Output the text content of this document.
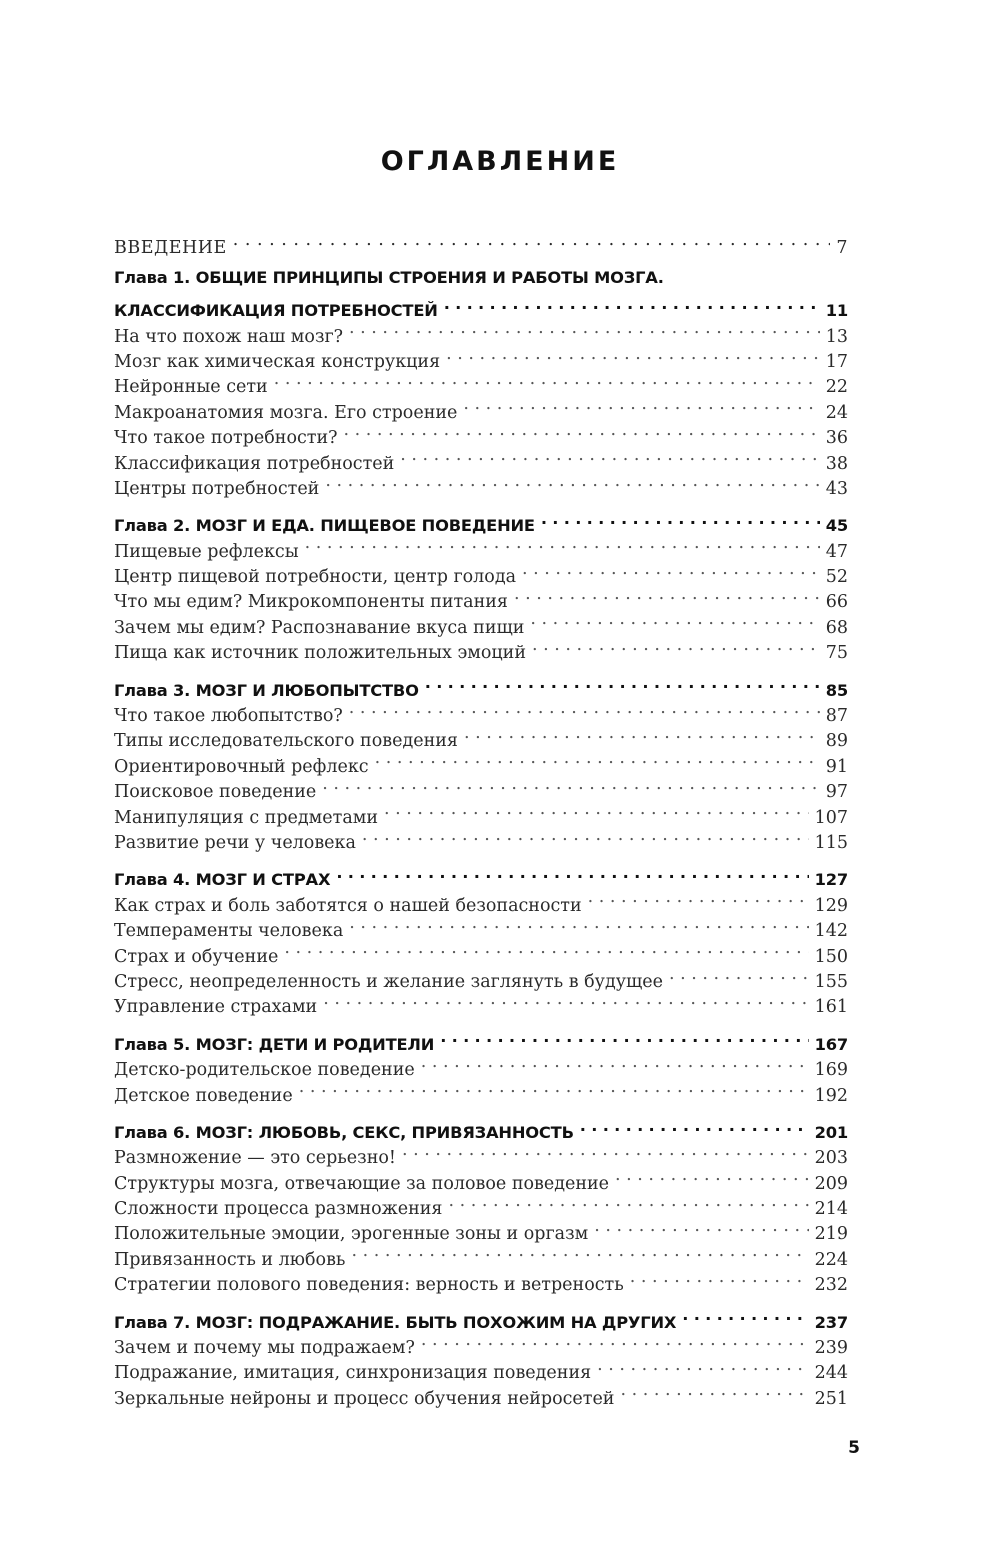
ОГЛАВЛЕНИЕ
ВВЕДЕНИЕ . . .	7
Глава 1. ОБЩИЕ ПРИНЦИПЫ СТРОЕНИЯ И РАБОТЫ МОЗГА.
КЛАССИФИКАЦИЯ ПОТРЕБНОСТЕЙ . . .	11
На что похож наш мозг? . . .	13
Мозг как химическая конструкция . . .	17
Нейронные сети . . .	22
Макроанатомия мозга. Его строение . . .	24
Что такое потребности? . . .	36
Классификация потребностей . . .	38
Центры потребностей . . .	43
Глава 2. МОЗГ И ЕДА. ПИЩЕВОЕ ПОВЕДЕНИЕ . . .	45
Пищевые рефлексы . . .	47
Центр пищевой потребности, центр голода . . .	52
Что мы едим? Микрокомпоненты питания . . .	66
Зачем мы едим? Распознавание вкуса пищи . . .	68
Пища как источник положительных эмоций . . .	75
Глава 3. МОЗГ И ЛЮБОПЫТСТВО . . .	85
Что такое любопытство? . . .	87
Типы исследовательского поведения . . .	89
Ориентировочный рефлекс . . .	91
Поисковое поведение . . .	97
Манипуляция с предметами . . .	107
Развитие речи у человека . . .	115
Глава 4. МОЗГ И СТРАХ . . .	127
Как страх и боль заботятся о нашей безопасности . . .	129
Темпераменты человека . . .	142
Страх и обучение . . .	150
Стресс, неопределенность и желание заглянуть в будущее . . .	155
Управление страхами . . .	161
Глава 5. МОЗГ: ДЕТИ И РОДИТЕЛИ . . .	167
Детско-родительское поведение . . .	169
Детское поведение . . .	192
Глава 6. МОЗГ: ЛЮБОВЬ, СЕКС, ПРИВЯЗАННОСТЬ . . .	201
Размножение — это серьезно! . . .	203
Структуры мозга, отвечающие за половое поведение . . .	209
Сложности процесса размножения . . .	214
Положительные эмоции, эрогенные зоны и оргазм . . .	219
Привязанность и любовь . . .	224
Стратегии полового поведения: верность и ветреность . . .	232
Глава 7. МОЗГ: ПОДРАЖАНИЕ. БЫТЬ ПОХОЖИМ НА ДРУГИХ . . .	237
Зачем и почему мы подражаем? . . .	239
Подражание, имитация, синхронизация поведения . . .	244
Зеркальные нейроны и процесс обучения нейросетей . . .	251
5
